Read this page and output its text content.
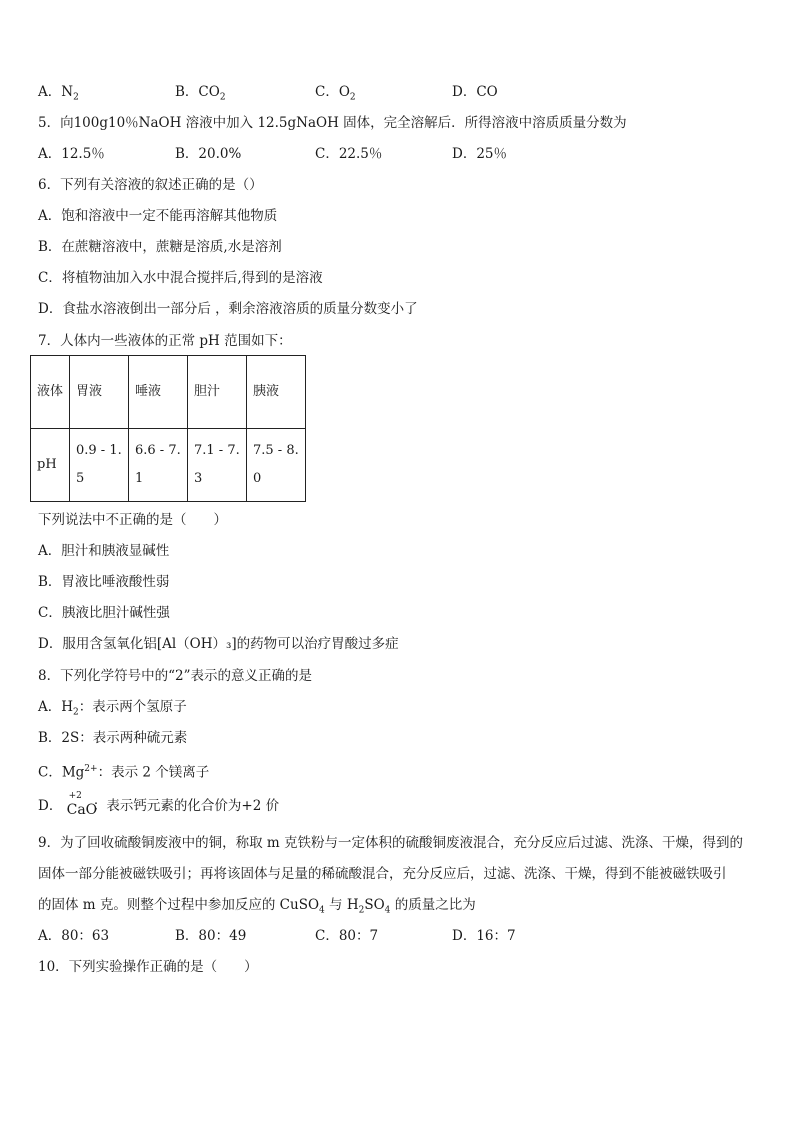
A．$N_2$	B．$CO_2$	C．$O_2$	D．CO
5．向100g10％NaOH 溶液中加入 12.5gNaOH 固体，完全溶解后．所得溶液中溶质质量分数为
A．12.5％	B．20.0%	C．22.5％	D．25％
6．下列有关溶液的叙述正确的是（）
A．饱和溶液中一定不能再溶解其他物质
B．在蔗糖溶液中，蔗糖是溶质,水是溶剂
C．将植物油加入水中混合搅拌后,得到的是溶液
D．食盐水溶液倒出一部分后 ，剩余溶液溶质的质量分数变小了
7．人体内一些液体的正常 pH 范围如下：
液体	胃液	唾液	胆汁	胰液
pH	0.9 - 1.5	6.6 - 7.1	7.1 - 7.3	7.5 - 8.0
下列说法中不正确的是（　　）
A．胆汁和胰液显碱性
B．胃液比唾液酸性弱
C．胰液比胆汁碱性强
D．服用含氢氧化铝[Al（OH）₃]的药物可以治疗胃酸过多症
8．下列化学符号中的“2”表示的意义正确的是
A．$H_2$：表示两个氢原子
B．2S：表示两种硫元素
C．$Mg^{2+}$：表示 2 个镁离子
D．
+2
CaO
：表示钙元素的化合价为+2 价
9．为了回收硫酸铜废液中的铜，称取 m 克铁粉与一定体积的硫酸铜废液混合，充分反应后过滤、洗涤、干燥，得到的
固体一部分能被磁铁吸引；再将该固体与足量的稀硫酸混合，充分反应后，过滤、洗涤、干燥，得到不能被磁铁吸引
的固体 m 克。则整个过程中参加反应的 CuSO$_4$ 与 $H_2SO_4$ 的质量之比为
A．80：63	B．80：49	C．80：7	D．16：7
10．下列实验操作正确的是（　　）
